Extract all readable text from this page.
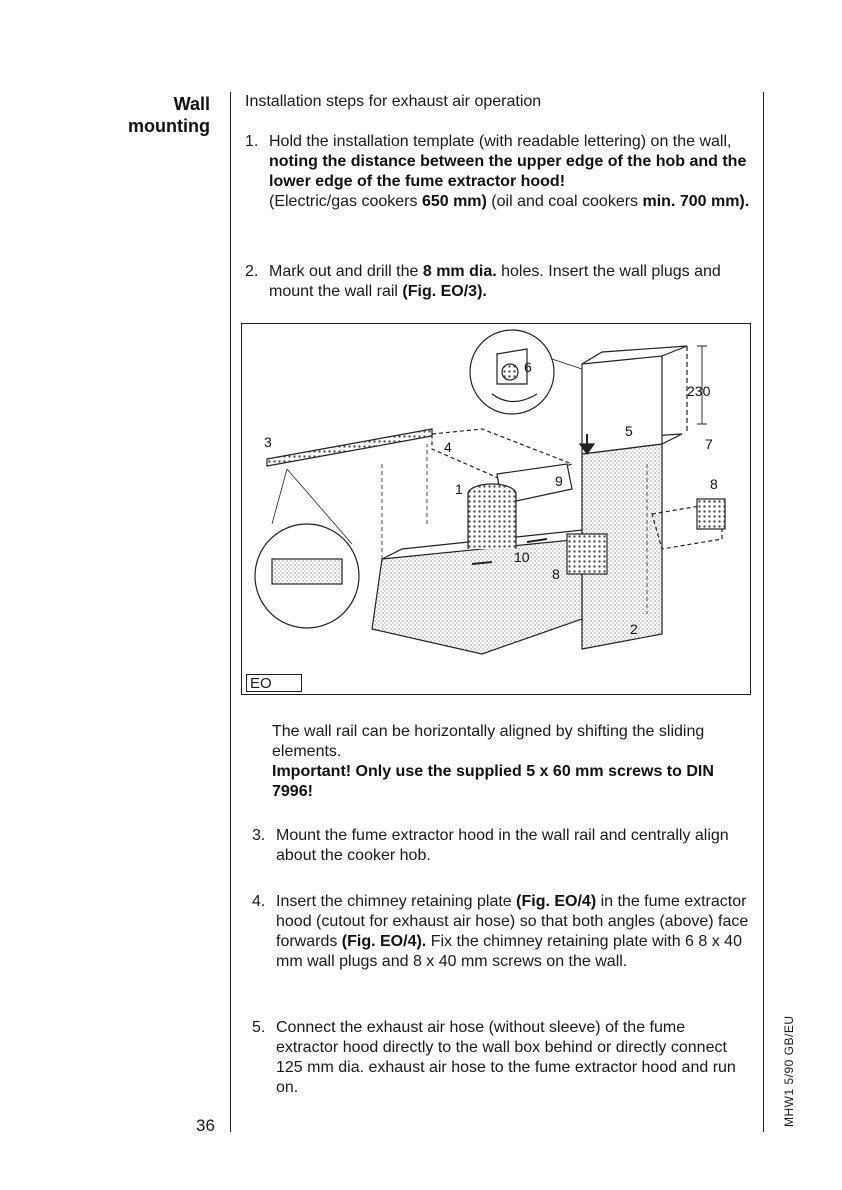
Wall
mounting
Installation steps for exhaust air operation
1. Hold the installation template (with readable lettering) on the wall, noting the distance between the upper edge of the hob and the lower edge of the fume extractor hood!
(Electric/gas cookers 650 mm) (oil and coal cookers min. 700 mm).
2. Mark out and drill the 8 mm dia. holes. Insert the wall plugs and mount the wall rail (Fig. EO/3).
6
230
5
3	4	7
9
1	8
10
8
2
EO
The wall rail can be horizontally aligned by shifting the sliding elements.
Important! Only use the supplied 5 x 60 mm screws to DIN 7996!
3. Mount the fume extractor hood in the wall rail and centrally align about the cooker hob.
4. Insert the chimney retaining plate (Fig. EO/4) in the fume extractor hood (cutout for exhaust air hose) so that both angles (above) face forwards (Fig. EO/4). Fix the chimney retaining plate with 6 8 x 40 mm wall plugs and 8 x 40 mm screws on the wall.
5. Connect the exhaust air hose (without sleeve) of the fume extractor hood directly to the wall box behind or directly connect 125 mm dia. exhaust air hose to the fume extractor hood and run on.
36	MHW1 5/90 GB/EU
